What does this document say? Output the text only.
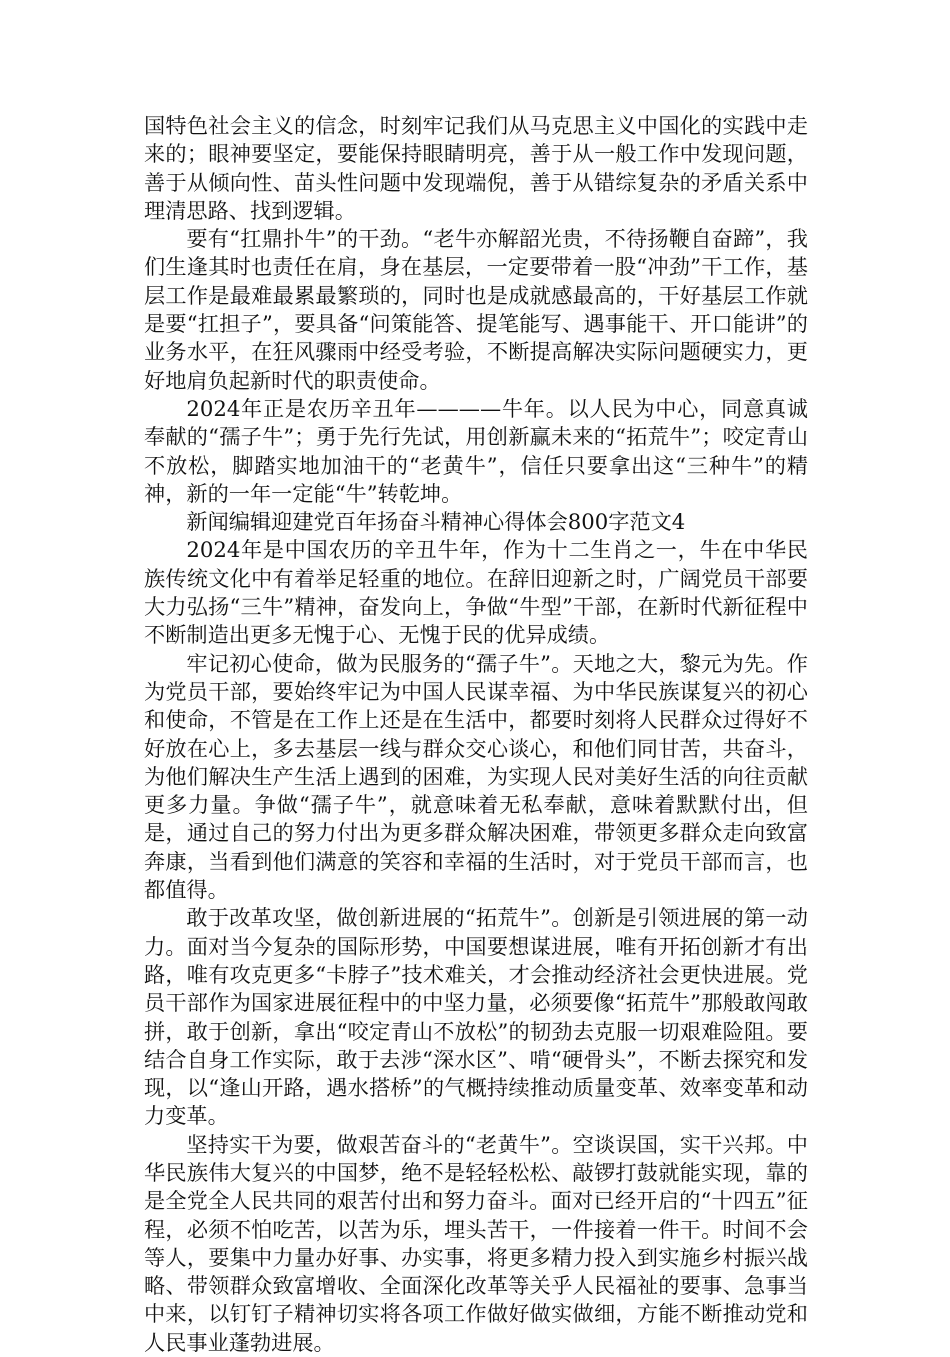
国特色社会主义的信念，时刻牢记我们从马克思主义中国化的实践中走来的；眼神要坚定，要能保持眼睛明亮，善于从一般工作中发现问题，善于从倾向性、苗头性问题中发现端倪，善于从错综复杂的矛盾关系中理清思路、找到逻辑。

要有“扛鼎扑牛”的干劲。“老牛亦解韶光贵，不待扬鞭自奋蹄”，我们生逢其时也责任在肩，身在基层，一定要带着一股“冲劲”干工作，基层工作是最难最累最繁琐的，同时也是成就感最高的，干好基层工作就是要“扛担子”，要具备“问策能答、提笔能写、遇事能干、开口能讲”的业务水平，在狂风骤雨中经受考验，不断提高解决实际问题硬实力，更好地肩负起新时代的职责使命。

2024年正是农历辛丑年————牛年。以人民为中心，同意真诚奉献的“孺子牛”；勇于先行先试，用创新赢未来的“拓荒牛”；咬定青山不放松，脚踏实地加油干的“老黄牛”，信任只要拿出这“三种牛”的精神，新的一年一定能“牛”转乾坤。

新闻编辑迎建党百年扬奋斗精神心得体会800字范文4

2024年是中国农历的辛丑牛年，作为十二生肖之一，牛在中华民族传统文化中有着举足轻重的地位。在辞旧迎新之时，广阔党员干部要大力弘扬“三牛”精神，奋发向上，争做“牛型”干部，在新时代新征程中不断制造出更多无愧于心、无愧于民的优异成绩。

牢记初心使命，做为民服务的“孺子牛”。天地之大，黎元为先。作为党员干部，要始终牢记为中国人民谋幸福、为中华民族谋复兴的初心和使命，不管是在工作上还是在生活中，都要时刻将人民群众过得好不好放在心上，多去基层一线与群众交心谈心，和他们同甘苦，共奋斗，为他们解决生产生活上遇到的困难，为实现人民对美好生活的向往贡献更多力量。争做“孺子牛”，就意味着无私奉献，意味着默默付出，但是，通过自己的努力付出为更多群众解决困难，带领更多群众走向致富奔康，当看到他们满意的笑容和幸福的生活时，对于党员干部而言，也都值得。

敢于改革攻坚，做创新进展的“拓荒牛”。创新是引领进展的第一动力。面对当今复杂的国际形势，中国要想谋进展，唯有开拓创新才有出路，唯有攻克更多“卡脖子”技术难关，才会推动经济社会更快进展。党员干部作为国家进展征程中的中坚力量，必须要像“拓荒牛”那般敢闯敢拼，敢于创新，拿出“咬定青山不放松”的韧劲去克服一切艰难险阻。要结合自身工作实际，敢于去涉“深水区”、啃“硬骨头”，不断去探究和发现，以“逢山开路，遇水搭桥”的气概持续推动质量变革、效率变革和动力变革。

坚持实干为要，做艰苦奋斗的“老黄牛”。空谈误国，实干兴邦。中华民族伟大复兴的中国梦，绝不是轻轻松松、敲锣打鼓就能实现，靠的是全党全人民共同的艰苦付出和努力奋斗。面对已经开启的“十四五”征程，必须不怕吃苦，以苦为乐，埋头苦干，一件接着一件干。时间不会等人，要集中力量办好事、办实事，将更多精力投入到实施乡村振兴战略、带领群众致富增收、全面深化改革等关乎人民福祉的要事、急事当中来，以钉钉子精神切实将各项工作做好做实做细，方能不断推动党和人民事业蓬勃进展。
